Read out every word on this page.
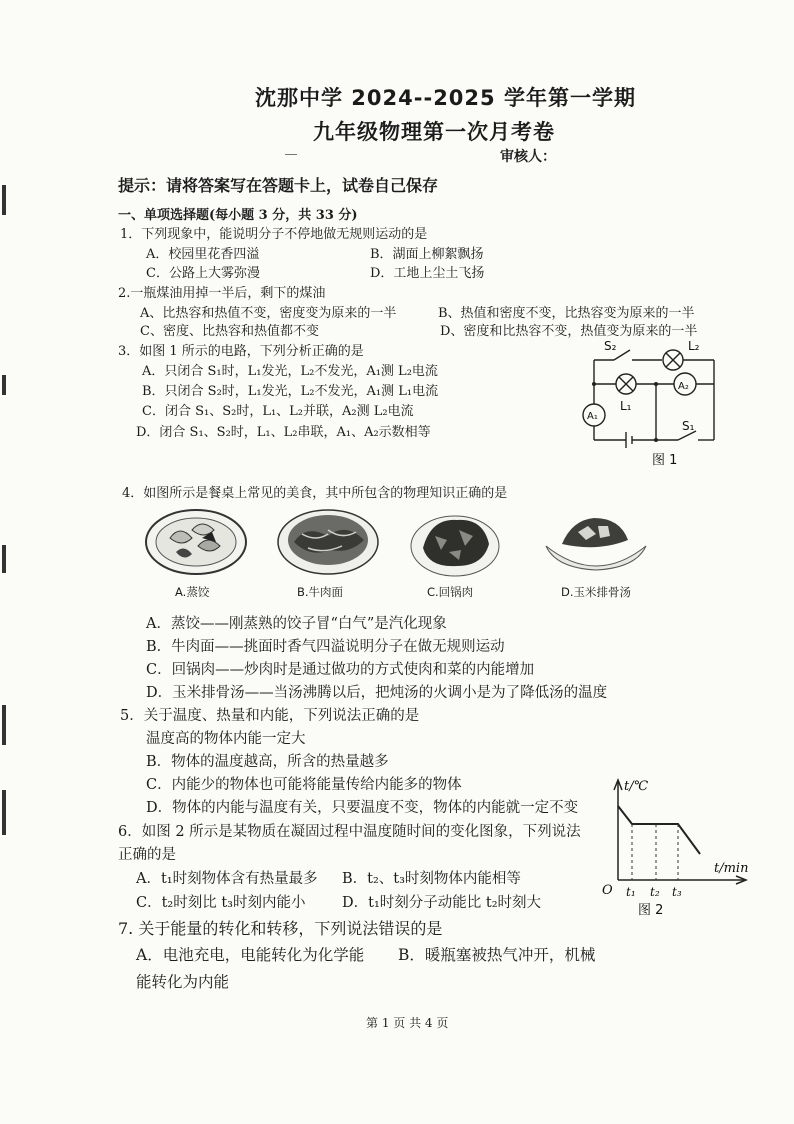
沈那中学 2024--2025 学年第一学期
九年级物理第一次月考卷
审核人：
提示：请将答案写在答题卡上，试卷自己保存
一、单项选择题(每小题 3 分，共 33 分)
1．下列现象中，能说明分子不停地做无规则运动的是
A．校园里花香四溢	B．湖面上柳絮飘扬
C．公路上大雾弥漫	D．工地上尘土飞扬
2.一瓶煤油用掉一半后，剩下的煤油
A、比热容和热值不变，密度变为原来的一半	B、热值和密度不变，比热容变为原来的一半
C、密度、比热容和热值都不变	D、密度和比热容不变，热值变为原来的一半
3．如图 1 所示的电路，下列分析正确的是
A．只闭合 S₁时，L₁发光，L₂不发光，A₁测 L₂电流
B．只闭合 S₂时，L₁发光，L₂不发光，A₁测 L₁电流
C．闭合 S₁、S₂时，L₁、L₂并联，A₂测 L₂电流
D．闭合 S₁、S₂时，L₁、L₂串联，A₁、A₂示数相等
S₂	L₂
A₂
A₁
L₁
S₁
图 1
4．如图所示是餐桌上常见的美食，其中所包含的物理知识正确的是
A.蒸饺	B.牛肉面	C.回锅肉	D.玉米排骨汤
A．蒸饺——刚蒸熟的饺子冒“白气”是汽化现象
B．牛肉面——挑面时香气四溢说明分子在做无规则运动
C．回锅肉——炒肉时是通过做功的方式使肉和菜的内能增加
D．玉米排骨汤——当汤沸腾以后，把炖汤的火调小是为了降低汤的温度
5．关于温度、热量和内能，下列说法正确的是
温度高的物体内能一定大
B．物体的温度越高，所含的热量越多
C．内能少的物体也可能将能量传给内能多的物体
D．物体的内能与温度有关，只要温度不变，物体的内能就一定不变
t/℃
t/min
O t₁ t₂ t₃
图 2
6．如图 2 所示是某物质在凝固过程中温度随时间的变化图象，下列说法
正确的是
A．t₁时刻物体含有热量最多 B．t₂、t₃时刻物体内能相等
C．t₂时刻比 t₃时刻内能小	D．t₁时刻分子动能比 t₂时刻大
7. 关于能量的转化和转移，下列说法错误的是
A．电池充电，电能转化为化学能 B．暖瓶塞被热气冲开，机械
能转化为内能
第 1 页 共 4 页
